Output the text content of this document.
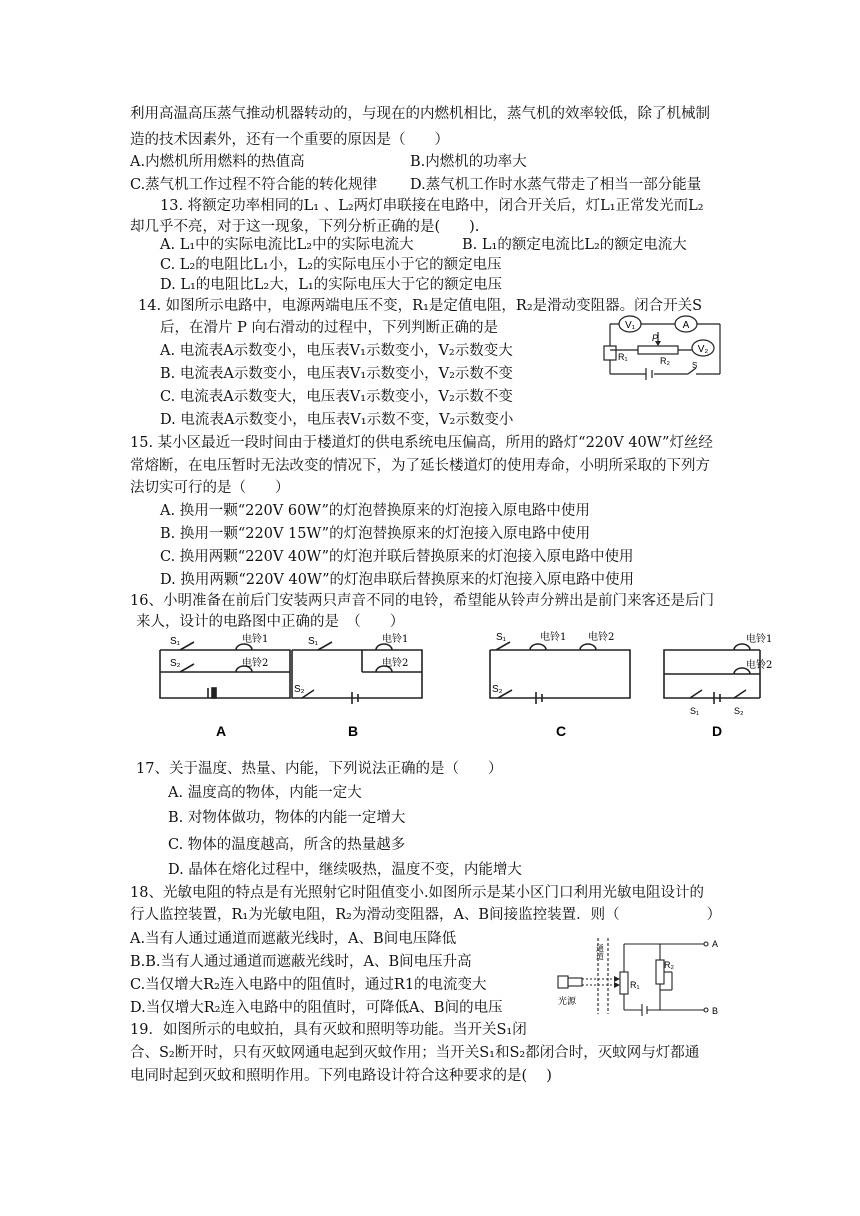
利用高温高压蒸气推动机器转动的，与现在的内燃机相比，蒸气机的效率较低，除了机械制
造的技术因素外，还有一个重要的原因是（　　）
A.内燃机所用燃料的热值高	B.内燃机的功率大
C.蒸气机工作过程不符合能的转化规律 D.蒸气机工作时水蒸气带走了相当一部分能量
13. 将额定功率相同的L₁ 、L₂两灯串联接在电路中，闭合开关后，灯L₁正常发光而L₂
却几乎不亮，对于这一现象，下列分析正确的是(　　).
A. L₁中的实际电流比L₂中的实际电流大	B. L₁的额定电流比L₂的额定电流大
C. L₂的电阻比L₁小，L₂的实际电压小于它的额定电压
D. L₁的电阻比L₂大，L₁的实际电压大于它的额定电压
14. 如图所示电路中，电源两端电压不变，R₁是定值电阻，R₂是滑动变阻器。闭合开关S
后，在滑片 P 向右滑动的过程中，下列判断正确的是
A. 电流表A示数变小，电压表V₁示数变小，V₂示数变大
B. 电流表A示数变小，电压表V₁示数变小，V₂示数不变
C. 电流表A示数变大，电压表V₁示数变小，V₂示数不变
D. 电流表A示数变小，电压表V₁示数不变，V₂示数变小
V₁	A
V₂
P
R₂
R₁
S
15. 某小区最近一段时间由于楼道灯的供电系统电压偏高，所用的路灯“220V 40W”灯丝经
常熔断，在电压暂时无法改变的情况下，为了延长楼道灯的使用寿命，小明所采取的下列方
法切实可行的是（　　）
A. 换用一颗“220V 60W”的灯泡替换原来的灯泡接入原电路中使用
B. 换用一颗“220V 15W”的灯泡替换原来的灯泡接入原电路中使用
C. 换用两颗“220V 40W”的灯泡并联后替换原来的灯泡接入原电路中使用
D. 换用两颗“220V 40W”的灯泡串联后替换原来的灯泡接入原电路中使用
16、小明准备在前后门安装两只声音不同的电铃，希望能从铃声分辨出是前门来客还是后门
来人，设计的电路图中正确的是　（　　）
S₁
S₂
电铃1
电铃2
A
S₁
S₂
电铃1
电铃2
B
S₁
S₂
电铃1 电铃2
C
S₁	S₂
电铃1
电铃2
D
17、关于温度、热量、内能，下列说法正确的是（　　）
A. 温度高的物体，内能一定大
B. 对物体做功，物体的内能一定增大
C. 物体的温度越高，所含的热量越多
D. 晶体在熔化过程中，继续吸热，温度不变，内能增大
18、光敏电阻的特点是有光照射它时阻值变小.如图所示是某小区门口利用光敏电阻设计的
行人监控装置，R₁为光敏电阻，R₂为滑动变阻器，A、B间接监控装置．则（　　　　　　）
A.当有人通过通道而遮蔽光线时，A、B间电压降低
B.B.当有人通过通道而遮蔽光线时，A、B间电压升高
C.当仅增大R₂连入电路中的阻值时，通过R1的电流变大
D.当仅增大R₂连入电路中的阻值时，可降低A、B间的电压
通道
光源
R₁
R₂
A
B
19．如图所示的电蚊拍，具有灭蚊和照明等功能。当开关S₁闭
合、S₂断开时，只有灭蚊网通电起到灭蚊作用；当开关S₁和S₂都闭合时，灭蚊网与灯都通
电同时起到灭蚊和照明作用。下列电路设计符合这种要求的是(　 )
